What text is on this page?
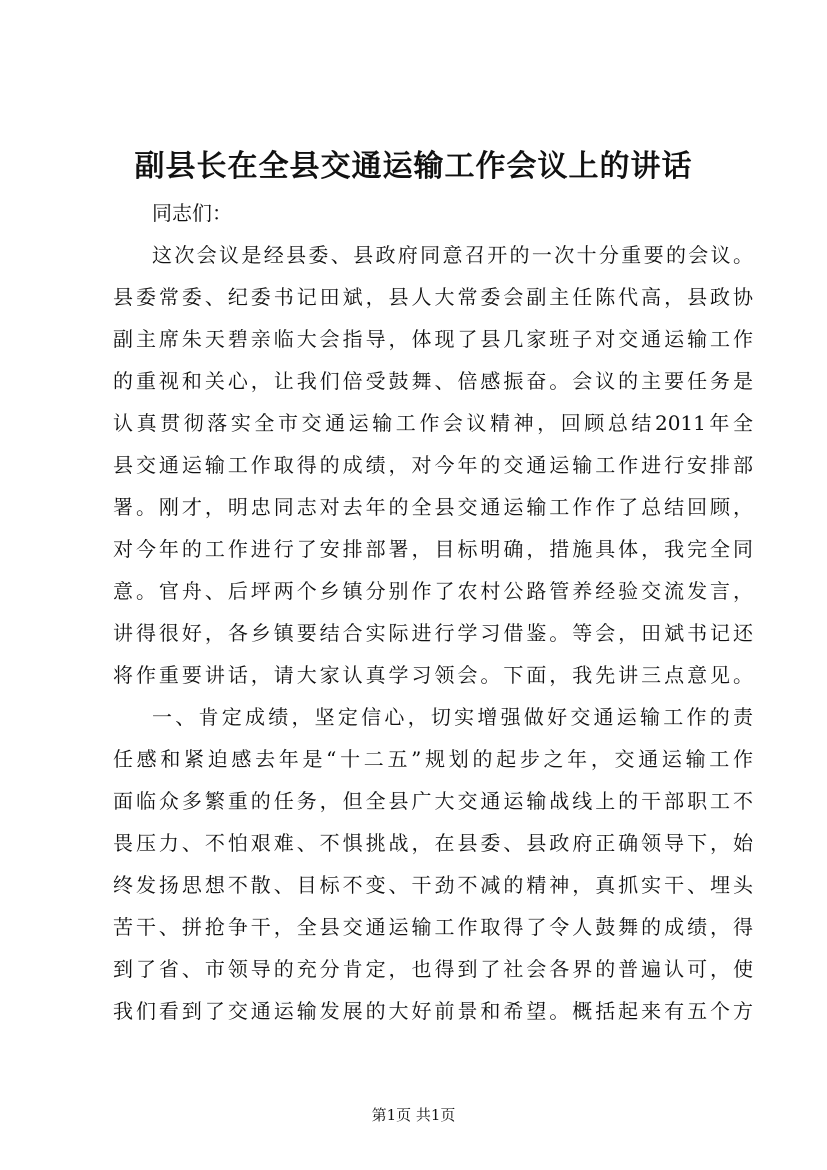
副县长在全县交通运输工作会议上的讲话
同志们：
这次会议是经县委、县政府同意召开的一次十分重要的会议。
县委常委、纪委书记田斌，县人大常委会副主任陈代高，县政协
副主席朱天碧亲临大会指导，体现了县几家班子对交通运输工作
的重视和关心，让我们倍受鼓舞、倍感振奋。会议的主要任务是
认真贯彻落实全市交通运输工作会议精神，回顾总结2011年全
县交通运输工作取得的成绩，对今年的交通运输工作进行安排部
署。刚才，明忠同志对去年的全县交通运输工作作了总结回顾，
对今年的工作进行了安排部署，目标明确，措施具体，我完全同
意。官舟、后坪两个乡镇分别作了农村公路管养经验交流发言，
讲得很好，各乡镇要结合实际进行学习借鉴。等会，田斌书记还
将作重要讲话，请大家认真学习领会。下面，我先讲三点意见。
一、肯定成绩，坚定信心，切实增强做好交通运输工作的责
任感和紧迫感去年是“十二五”规划的起步之年，交通运输工作
面临众多繁重的任务，但全县广大交通运输战线上的干部职工不
畏压力、不怕艰难、不惧挑战，在县委、县政府正确领导下，始
终发扬思想不散、目标不变、干劲不减的精神，真抓实干、埋头
苦干、拼抢争干，全县交通运输工作取得了令人鼓舞的成绩，得
到了省、市领导的充分肯定，也得到了社会各界的普遍认可，使
我们看到了交通运输发展的大好前景和希望。概括起来有五个方
第1页 共1页
